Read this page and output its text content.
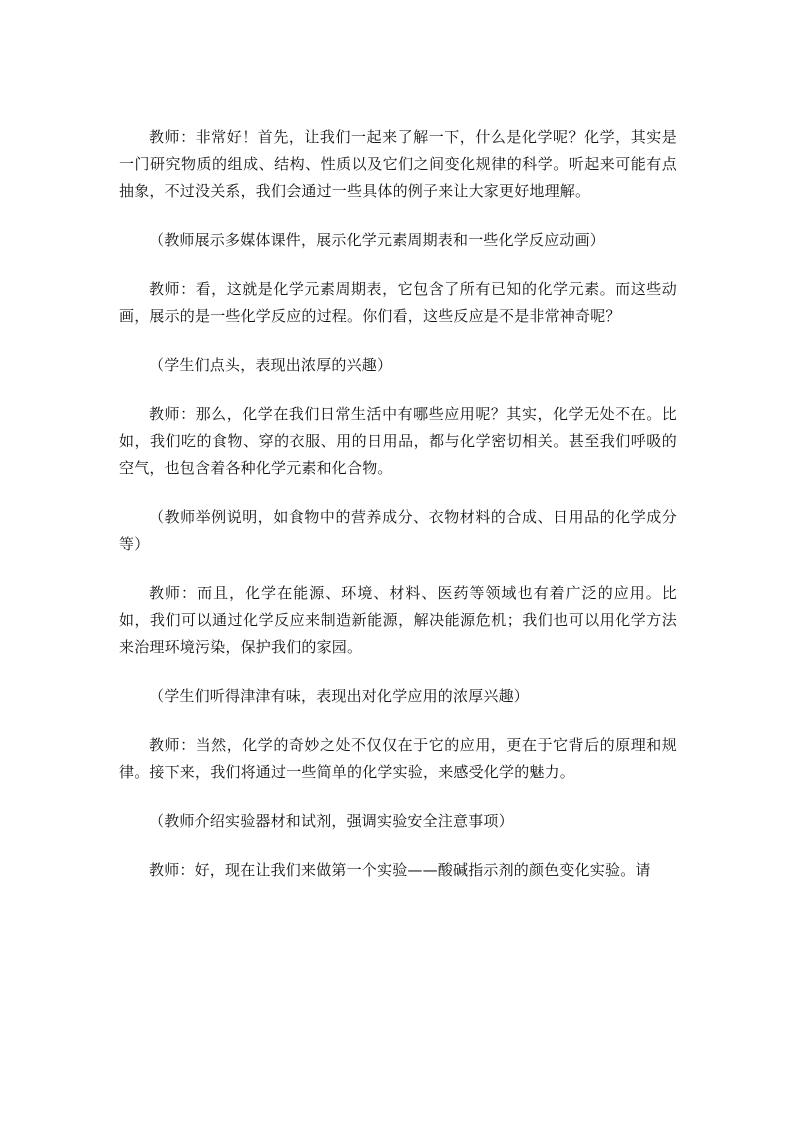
教师：非常好！首先，让我们一起来了解一下，什么是化学呢？化学，其实是一门研究物质的组成、结构、性质以及它们之间变化规律的科学。听起来可能有点抽象，不过没关系，我们会通过一些具体的例子来让大家更好地理解。

（教师展示多媒体课件，展示化学元素周期表和一些化学反应动画）

教师：看，这就是化学元素周期表，它包含了所有已知的化学元素。而这些动画，展示的是一些化学反应的过程。你们看，这些反应是不是非常神奇呢？

（学生们点头，表现出浓厚的兴趣）

教师：那么，化学在我们日常生活中有哪些应用呢？其实，化学无处不在。比如，我们吃的食物、穿的衣服、用的日用品，都与化学密切相关。甚至我们呼吸的空气，也包含着各种化学元素和化合物。

（教师举例说明，如食物中的营养成分、衣物材料的合成、日用品的化学成分等）

教师：而且，化学在能源、环境、材料、医药等领域也有着广泛的应用。比如，我们可以通过化学反应来制造新能源，解决能源危机；我们也可以用化学方法来治理环境污染，保护我们的家园。

（学生们听得津津有味，表现出对化学应用的浓厚兴趣）

教师：当然，化学的奇妙之处不仅仅在于它的应用，更在于它背后的原理和规律。接下来，我们将通过一些简单的化学实验，来感受化学的魅力。

（教师介绍实验器材和试剂，强调实验安全注意事项）

教师：好，现在让我们来做第一个实验——酸碱指示剂的颜色变化实验。请
